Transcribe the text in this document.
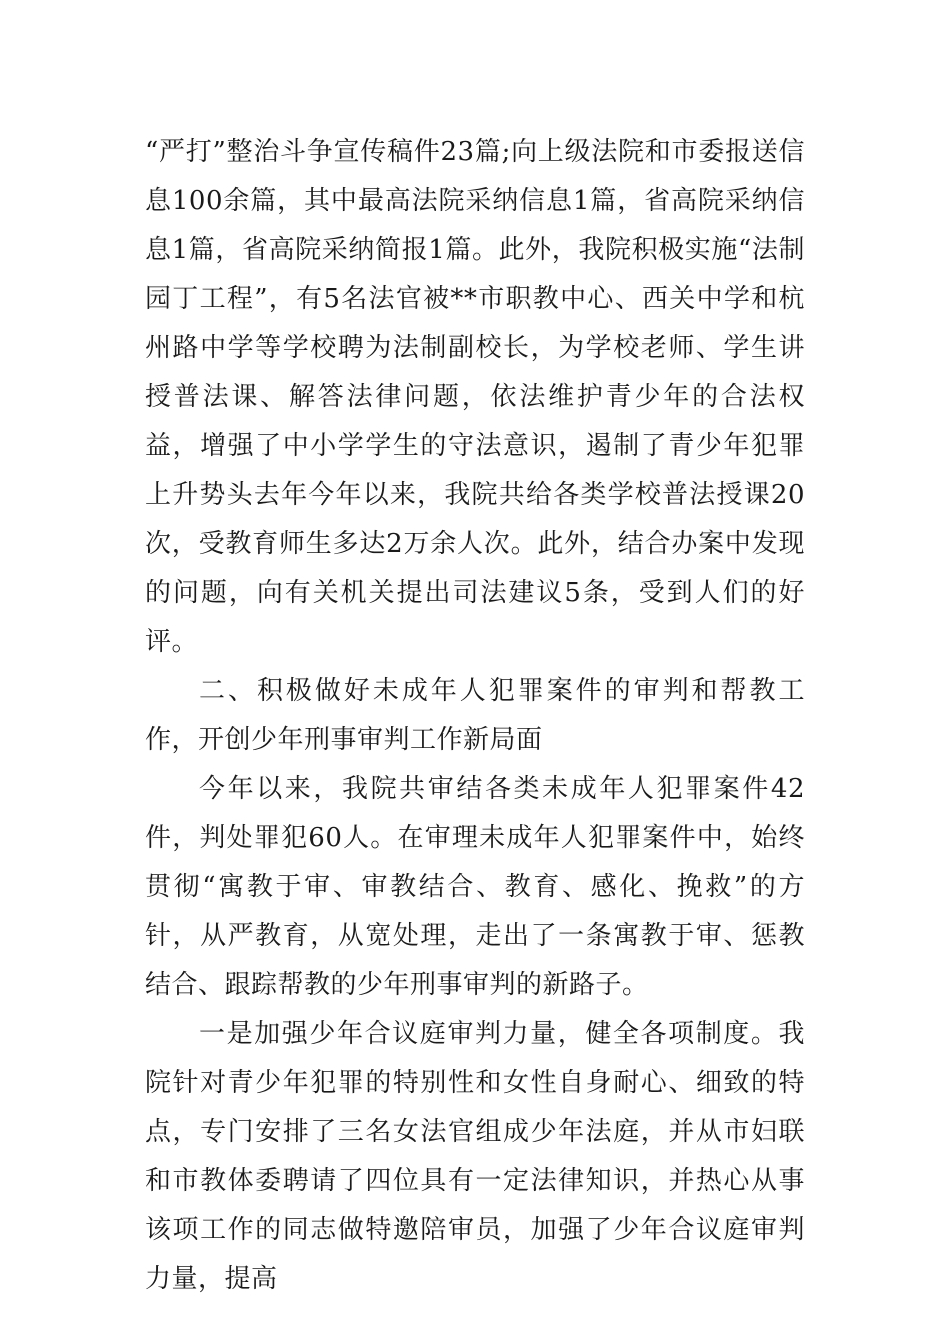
“严打”整治斗争宣传稿件23篇;向上级法院和市委报送信息100余篇，其中最高法院采纳信息1篇，省高院采纳信息1篇，省高院采纳简报1篇。此外，我院积极实施“法制园丁工程”，有5名法官被**市职教中心、西关中学和杭州路中学等学校聘为法制副校长，为学校老师、学生讲授普法课、解答法律问题，依法维护青少年的合法权益，增强了中小学学生的守法意识，遏制了青少年犯罪上升势头去年今年以来，我院共给各类学校普法授课20次，受教育师生多达2万余人次。此外，结合办案中发现的问题，向有关机关提出司法建议5条，受到人们的好评。

二、积极做好未成年人犯罪案件的审判和帮教工作，开创少年刑事审判工作新局面

今年以来，我院共审结各类未成年人犯罪案件42件，判处罪犯60人。在审理未成年人犯罪案件中，始终贯彻“寓教于审、审教结合、教育、感化、挽救”的方针，从严教育，从宽处理，走出了一条寓教于审、惩教结合、跟踪帮教的少年刑事审判的新路子。

一是加强少年合议庭审判力量，健全各项制度。我院针对青少年犯罪的特别性和女性自身耐心、细致的特点，专门安排了三名女法官组成少年法庭，并从市妇联和市教体委聘请了四位具有一定法律知识，并热心从事该项工作的同志做特邀陪审员，加强了少年合议庭审判力量，提高
